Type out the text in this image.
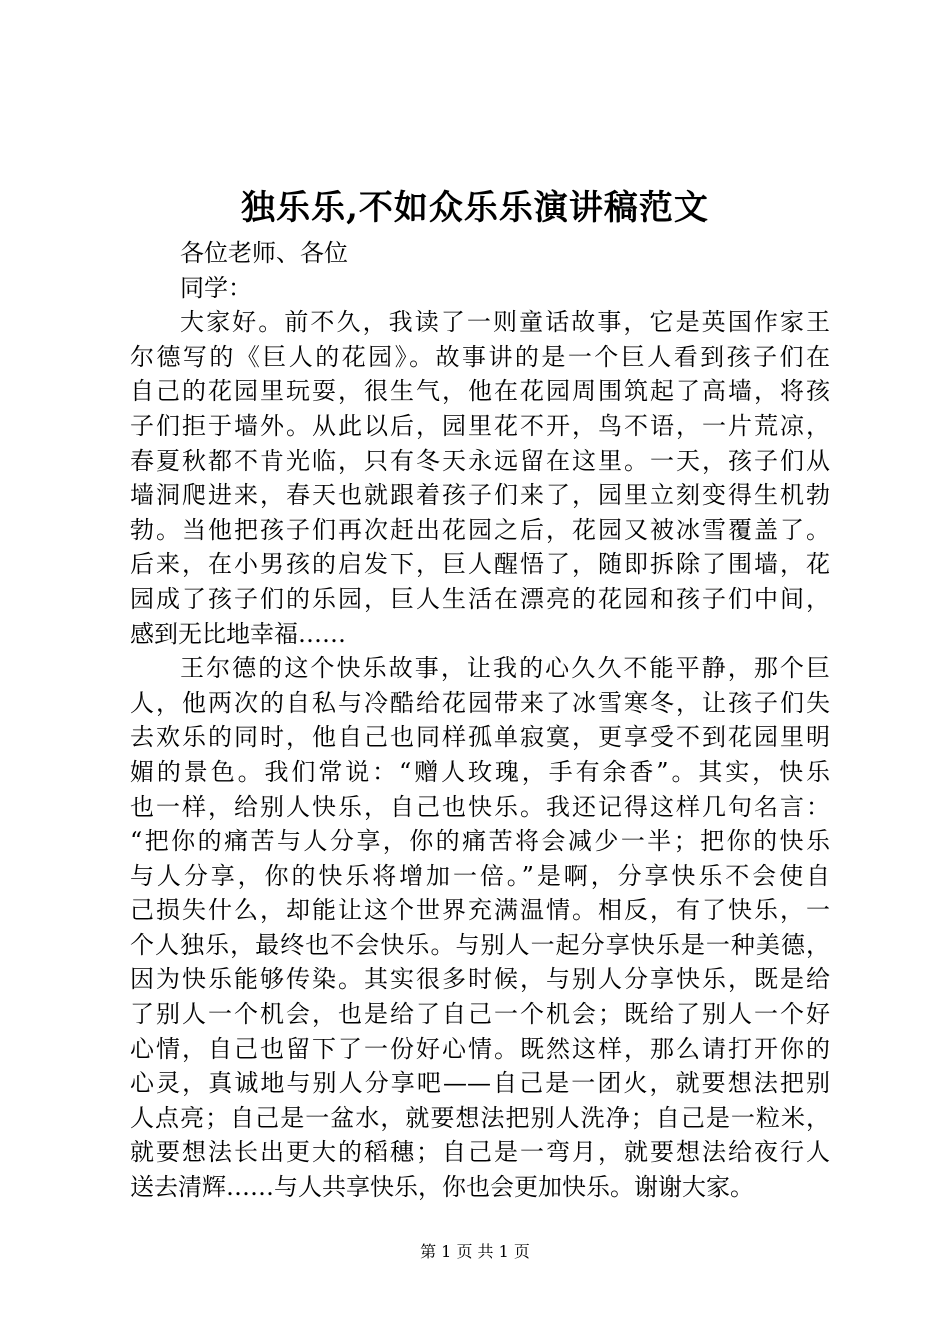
独乐乐,不如众乐乐演讲稿范文
各位老师、各位
同学：
大家好。前不久，我读了一则童话故事，它是英国作家王
尔德写的《巨人的花园》。故事讲的是一个巨人看到孩子们在
自己的花园里玩耍，很生气，他在花园周围筑起了高墙，将孩
子们拒于墙外。从此以后，园里花不开，鸟不语，一片荒凉，
春夏秋都不肯光临，只有冬天永远留在这里。一天，孩子们从
墙洞爬进来，春天也就跟着孩子们来了，园里立刻变得生机勃
勃。当他把孩子们再次赶出花园之后，花园又被冰雪覆盖了。
后来，在小男孩的启发下，巨人醒悟了，随即拆除了围墙，花
园成了孩子们的乐园，巨人生活在漂亮的花园和孩子们中间，
感到无比地幸福……
王尔德的这个快乐故事，让我的心久久不能平静，那个巨
人，他两次的自私与冷酷给花园带来了冰雪寒冬，让孩子们失
去欢乐的同时，他自己也同样孤单寂寞，更享受不到花园里明
媚的景色。我们常说：“赠人玫瑰，手有余香”。其实，快乐
也一样，给别人快乐，自己也快乐。我还记得这样几句名言：
“把你的痛苦与人分享，你的痛苦将会减少一半；把你的快乐
与人分享，你的快乐将增加一倍。”是啊，分享快乐不会使自
己损失什么，却能让这个世界充满温情。相反，有了快乐，一
个人独乐，最终也不会快乐。与别人一起分享快乐是一种美德，
因为快乐能够传染。其实很多时候，与别人分享快乐，既是给
了别人一个机会，也是给了自己一个机会；既给了别人一个好
心情，自己也留下了一份好心情。既然这样，那么请打开你的
心灵，真诚地与别人分享吧——自己是一团火，就要想法把别
人点亮；自己是一盆水，就要想法把别人洗净；自己是一粒米，
就要想法长出更大的稻穗；自己是一弯月，就要想法给夜行人
送去清辉……与人共享快乐，你也会更加快乐。谢谢大家。
第 1 页 共 1 页
